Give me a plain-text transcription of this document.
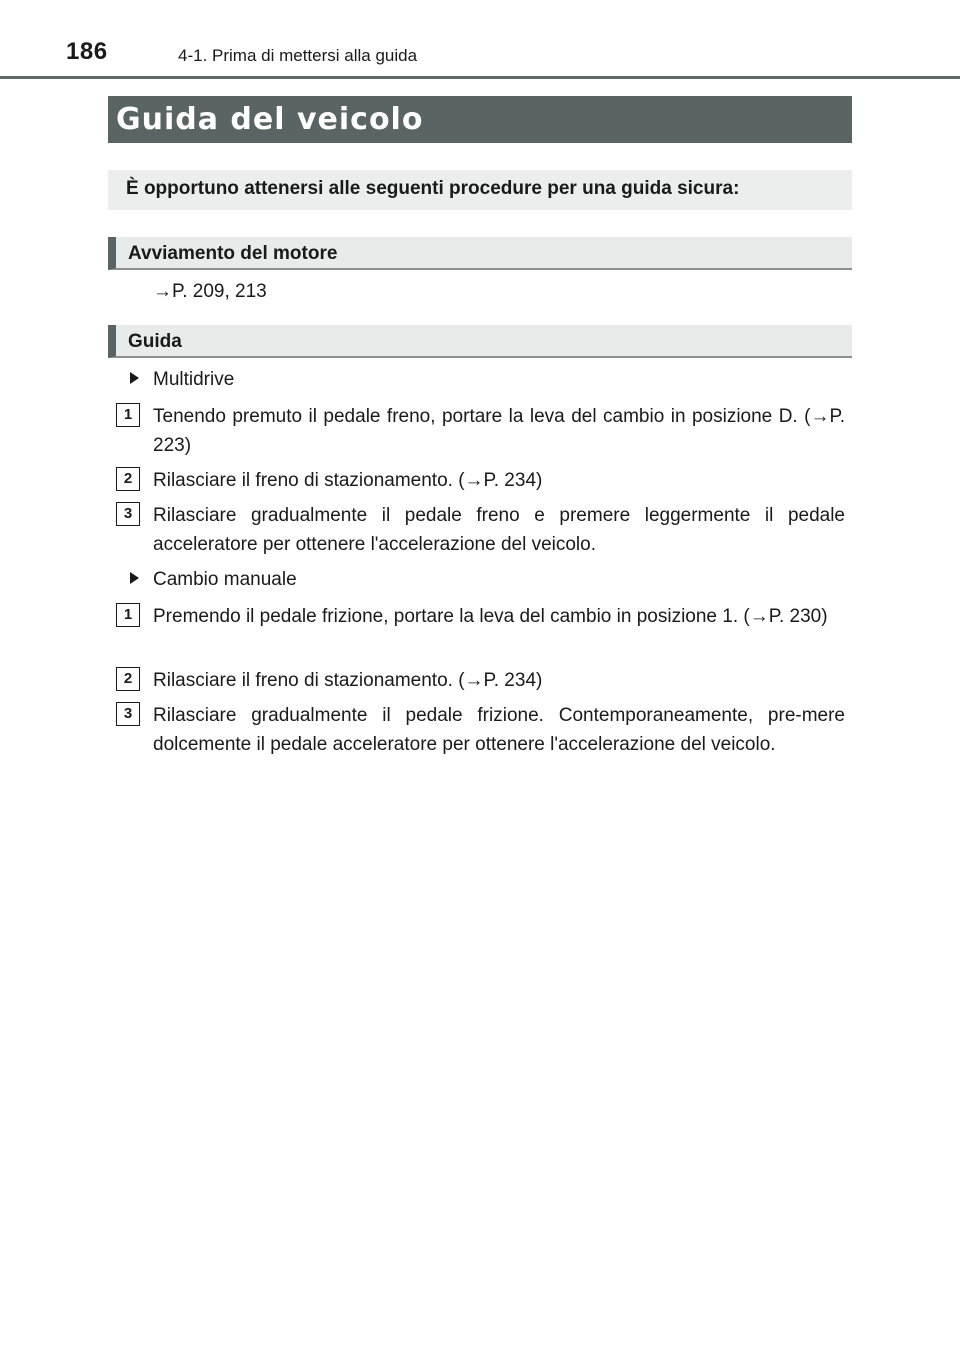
186	4-1. Prima di mettersi alla guida
Guida del veicolo
È opportuno attenersi alle seguenti procedure per una guida sicura:
Avviamento del motore
→P. 209, 213
Guida
Multidrive
1	Tenendo premuto il pedale freno, portare la leva del cambio in posizione D. (→P. 223)
2	Rilasciare il freno di stazionamento. (→P. 234)
3	Rilasciare gradualmente il pedale freno e premere leggermente il pedale acceleratore per ottenere l'accelerazione del veicolo.
Cambio manuale
1	Premendo il pedale frizione, portare la leva del cambio in posizione 1. (→P. 230)
2	Rilasciare il freno di stazionamento. (→P. 234)
3	Rilasciare gradualmente il pedale frizione. Contemporaneamente, pre-mere dolcemente il pedale acceleratore per ottenere l'accelerazione del veicolo.
